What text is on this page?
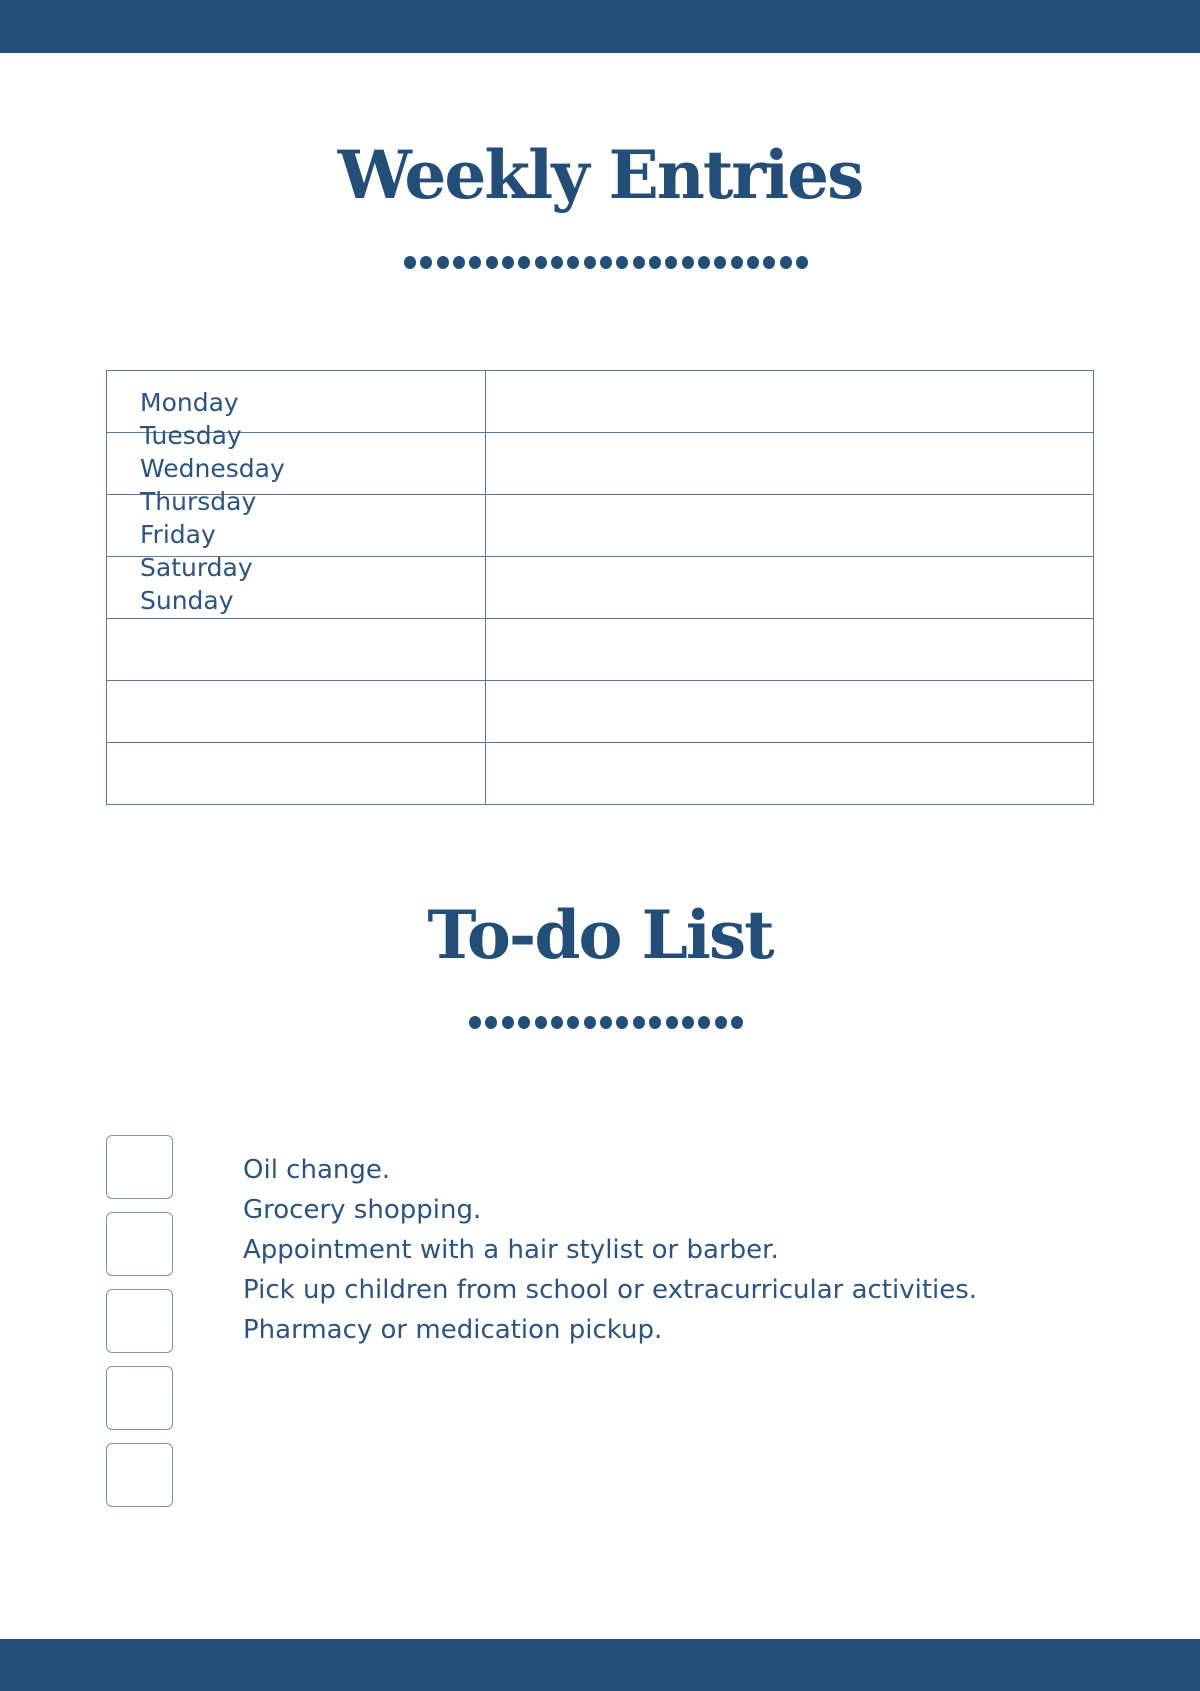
Weekly Entries

Monday
Tuesday
Wednesday
Thursday
Friday
Saturday
Sunday
To-do List
Oil change.
Grocery shopping.
Appointment with a hair stylist or barber.
Pick up children from school or extracurricular activities.
Pharmacy or medication pickup.
